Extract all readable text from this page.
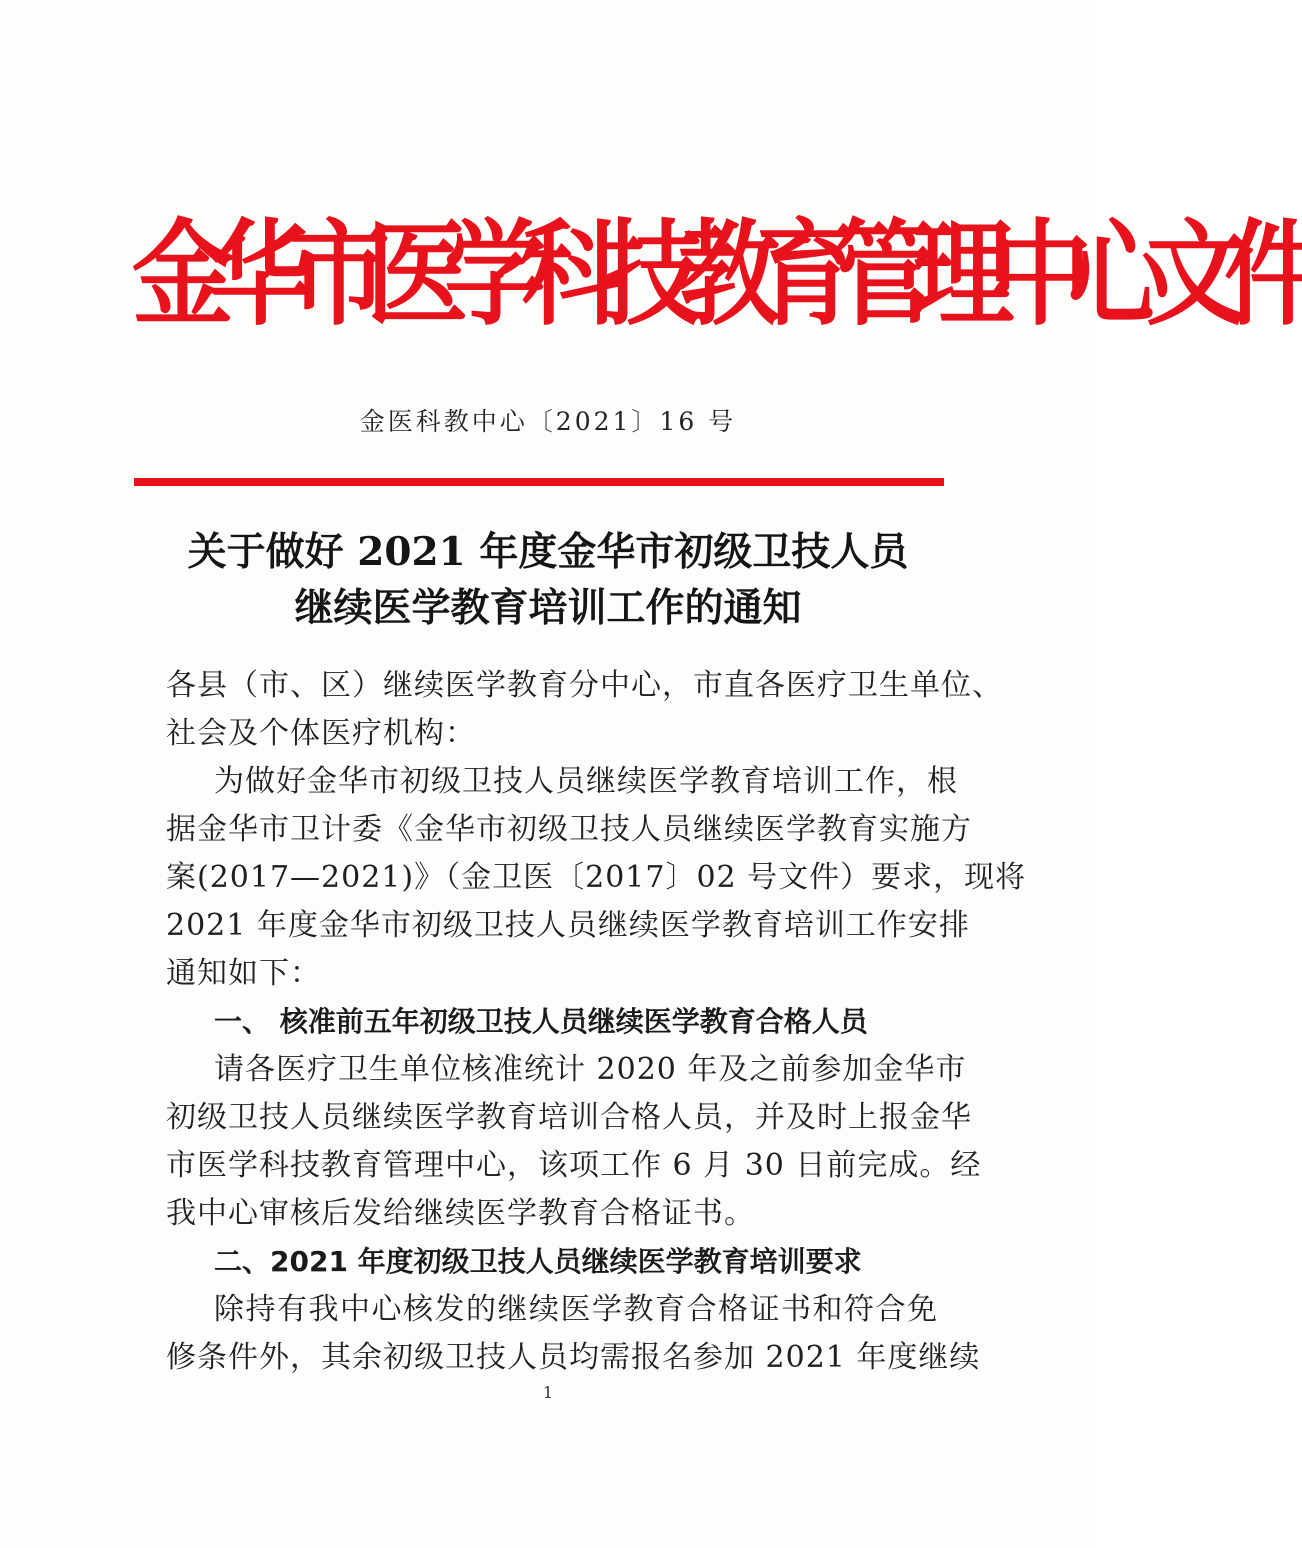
金华市医学科技教育管理中心文件
金医科教中心〔2021〕16 号
关于做好 2021 年度金华市初级卫技人员
继续医学教育培训工作的通知
各县（市、区）继续医学教育分中心，市直各医疗卫生单位、
社会及个体医疗机构：
为做好金华市初级卫技人员继续医学教育培训工作，根
据金华市卫计委《金华市初级卫技人员继续医学教育实施方
案(2017—2021)》（金卫医〔2017〕02 号文件）要求，现将
2021 年度金华市初级卫技人员继续医学教育培训工作安排
通知如下：
一、 核准前五年初级卫技人员继续医学教育合格人员
请各医疗卫生单位核准统计 2020 年及之前参加金华市
初级卫技人员继续医学教育培训合格人员，并及时上报金华
市医学科技教育管理中心，该项工作 6 月 30 日前完成。经
我中心审核后发给继续医学教育合格证书。
二、2021 年度初级卫技人员继续医学教育培训要求
除持有我中心核发的继续医学教育合格证书和符合免
修条件外，其余初级卫技人员均需报名参加 2021 年度继续
1
